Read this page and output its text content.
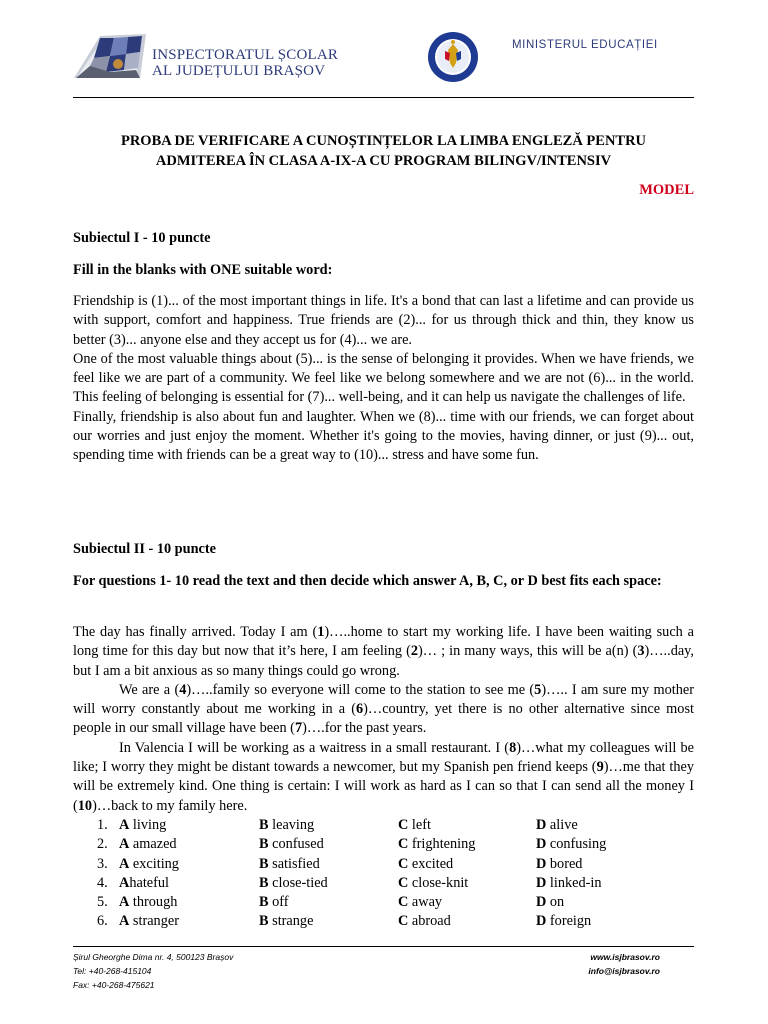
INSPECTORATUL ȘCOLAR
AL JUDEȚULUI BRAȘOV
MINISTERUL EDUCAȚIEI
PROBA DE VERIFICARE A CUNOȘTINȚELOR LA LIMBA ENGLEZĂ PENTRU
ADMITEREA ÎN CLASA A-IX-A CU PROGRAM BILINGV/INTENSIV
MODEL
Subiectul I - 10 puncte
Fill in the blanks with ONE suitable word:

Friendship is (1)... of the most important things in life. It's a bond that can last a lifetime and can provide us with support, comfort and happiness. True friends are (2)... for us through thick and thin, they know us better (3)... anyone else and they accept us for (4)... we are.

One of the most valuable things about (5)... is the sense of belonging it provides. When we have friends, we feel like we are part of a community. We feel like we belong somewhere and we are not (6)... in the world. This feeling of belonging is essential for (7)... well-being, and it can help us navigate the challenges of life.

Finally, friendship is also about fun and laughter. When we (8)... time with our friends, we can forget about our worries and just enjoy the moment. Whether it's going to the movies, having dinner, or just (9)... out, spending time with friends can be a great way to (10)... stress and have some fun.

Subiectul II - 10 puncte
For questions 1- 10 read the text and then decide which answer A, B, C, or D best fits each space:

The day has finally arrived. Today I am (1)…..home to start my working life. I have been waiting such a long time for this day but now that it’s here, I am feeling (2)… ; in many ways, this will be a(n) (3)…..day, but I am a bit anxious as so many things could go wrong.

We are a (4)…..family so everyone will come to the station to see me (5)….. I am sure my mother will worry constantly about me working in a (6)…country, yet there is no other alternative since most people in our small village have been (7)….for the past years.

In Valencia I will be working as a waitress in a small restaurant. I (8)…what my colleagues will be like; I worry they might be distant towards a newcomer, but my Spanish pen friend keeps (9)…me that they will be extremely kind. One thing is certain: I will work as hard as I can so that I can send all the money I (10)…back to my family here.

1. A living	B leaving	C left	D alive
2. A amazed	B confused	C frightening	D confusing
3. A exciting	B satisfied	C excited	D bored
4. Ahateful	B close-tied	C close-knit	D linked-in
5. A through	B off	C away	D on
6. A stranger	B strange	C abroad	D foreign
Șirul Gheorghe Dima nr. 4, 500123 Brașov
Tel: +40-268-415104
Fax: +40-268-475621
www.isjbrasov.ro
info@isjbrasov.ro
